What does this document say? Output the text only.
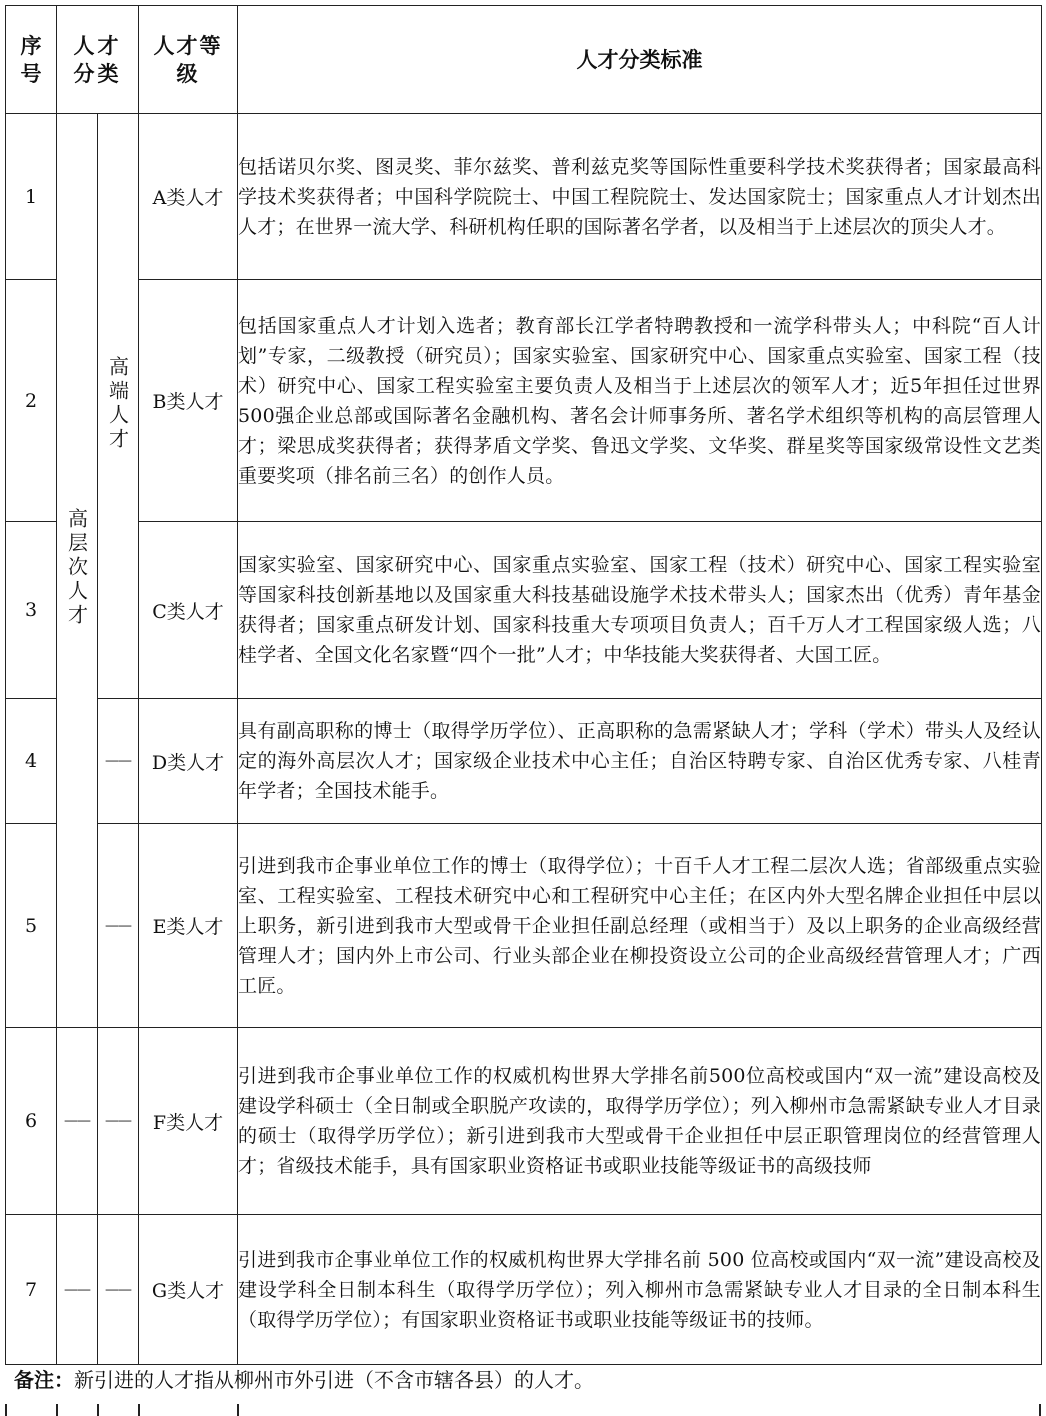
序号	人才分类		人才等级	人才分类标准
1	高层次人才	高端人才	A类人才	包括诺贝尔奖、图灵奖、菲尔兹奖、普利兹克奖等国际性重要科学技术奖获得者；国家最高科学技术奖获得者；中国科学院院士、中国工程院院士、发达国家院士；国家重点人才计划杰出人才；在世界一流大学、科研机构任职的国际著名学者，以及相当于上述层次的顶尖人才。
2			B类人才	包括国家重点人才计划入选者；教育部长江学者特聘教授和一流学科带头人；中科院“百人计划”专家，二级教授（研究员）；国家实验室、国家研究中心、国家重点实验室、国家工程（技术）研究中心、国家工程实验室主要负责人及相当于上述层次的领军人才；近5年担任过世界500强企业总部或国际著名金融机构、著名会计师事务所、著名学术组织等机构的高层管理人才；梁思成奖获得者；获得茅盾文学奖、鲁迅文学奖、文华奖、群星奖等国家级常设性文艺类重要奖项（排名前三名）的创作人员。
3			C类人才	国家实验室、国家研究中心、国家重点实验室、国家工程（技术）研究中心、国家工程实验室等国家科技创新基地以及国家重大科技基础设施学术技术带头人；国家杰出（优秀）青年基金获得者；国家重点研发计划、国家科技重大专项项目负责人；百千万人才工程国家级人选；八桂学者、全国文化名家暨“四个一批”人才；中华技能大奖获得者、大国工匠。
4		——	D类人才	具有副高职称的博士（取得学历学位）、正高职称的急需紧缺人才；学科（学术）带头人及经认定的海外高层次人才；国家级企业技术中心主任；自治区特聘专家、自治区优秀专家、八桂青年学者；全国技术能手。
5		——	E类人才	引进到我市企事业单位工作的博士（取得学位）；十百千人才工程二层次人选；省部级重点实验室、工程实验室、工程技术研究中心和工程研究中心主任；在区内外大型名牌企业担任中层以上职务，新引进到我市大型或骨干企业担任副总经理（或相当于）及以上职务的企业高级经营管理人才；国内外上市公司、行业头部企业在柳投资设立公司的企业高级经营管理人才；广西工匠。
6	——	——	F类人才	引进到我市企事业单位工作的权威机构世界大学排名前500位高校或国内“双一流”建设高校及建设学科硕士（全日制或全职脱产攻读的，取得学历学位）；列入柳州市急需紧缺专业人才目录的硕士（取得学历学位）；新引进到我市大型或骨干企业担任中层正职管理岗位的经营管理人才；省级技术能手，具有国家职业资格证书或职业技能等级证书的高级技师
7	——	——	G类人才	引进到我市企事业单位工作的权威机构世界大学排名前 500 位高校或国内“双一流”建设高校及建设学科全日制本科生（取得学历学位）；列入柳州市急需紧缺专业人才目录的全日制本科生（取得学历学位）；有国家职业资格证书或职业技能等级证书的技师。
备注：新引进的人才指从柳州市外引进（不含市辖各县）的人才。
